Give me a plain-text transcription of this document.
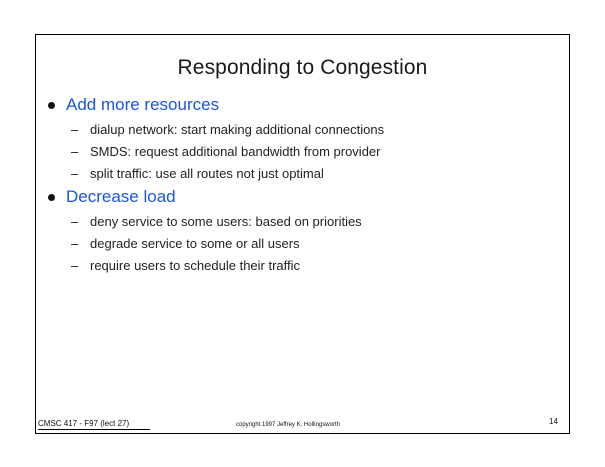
Responding to Congestion
Add more resources
– dialup network: start making additional connections
– SMDS: request additional bandwidth from provider
– split traffic: use all routes not just optimal
Decrease load
– deny service to some users: based on priorities
– degrade service to some or all users
– require users to schedule their traffic
CMSC 417 - F97 (lect 27)	copyright 1997 Jeffrey K. Hollingsworth	14
